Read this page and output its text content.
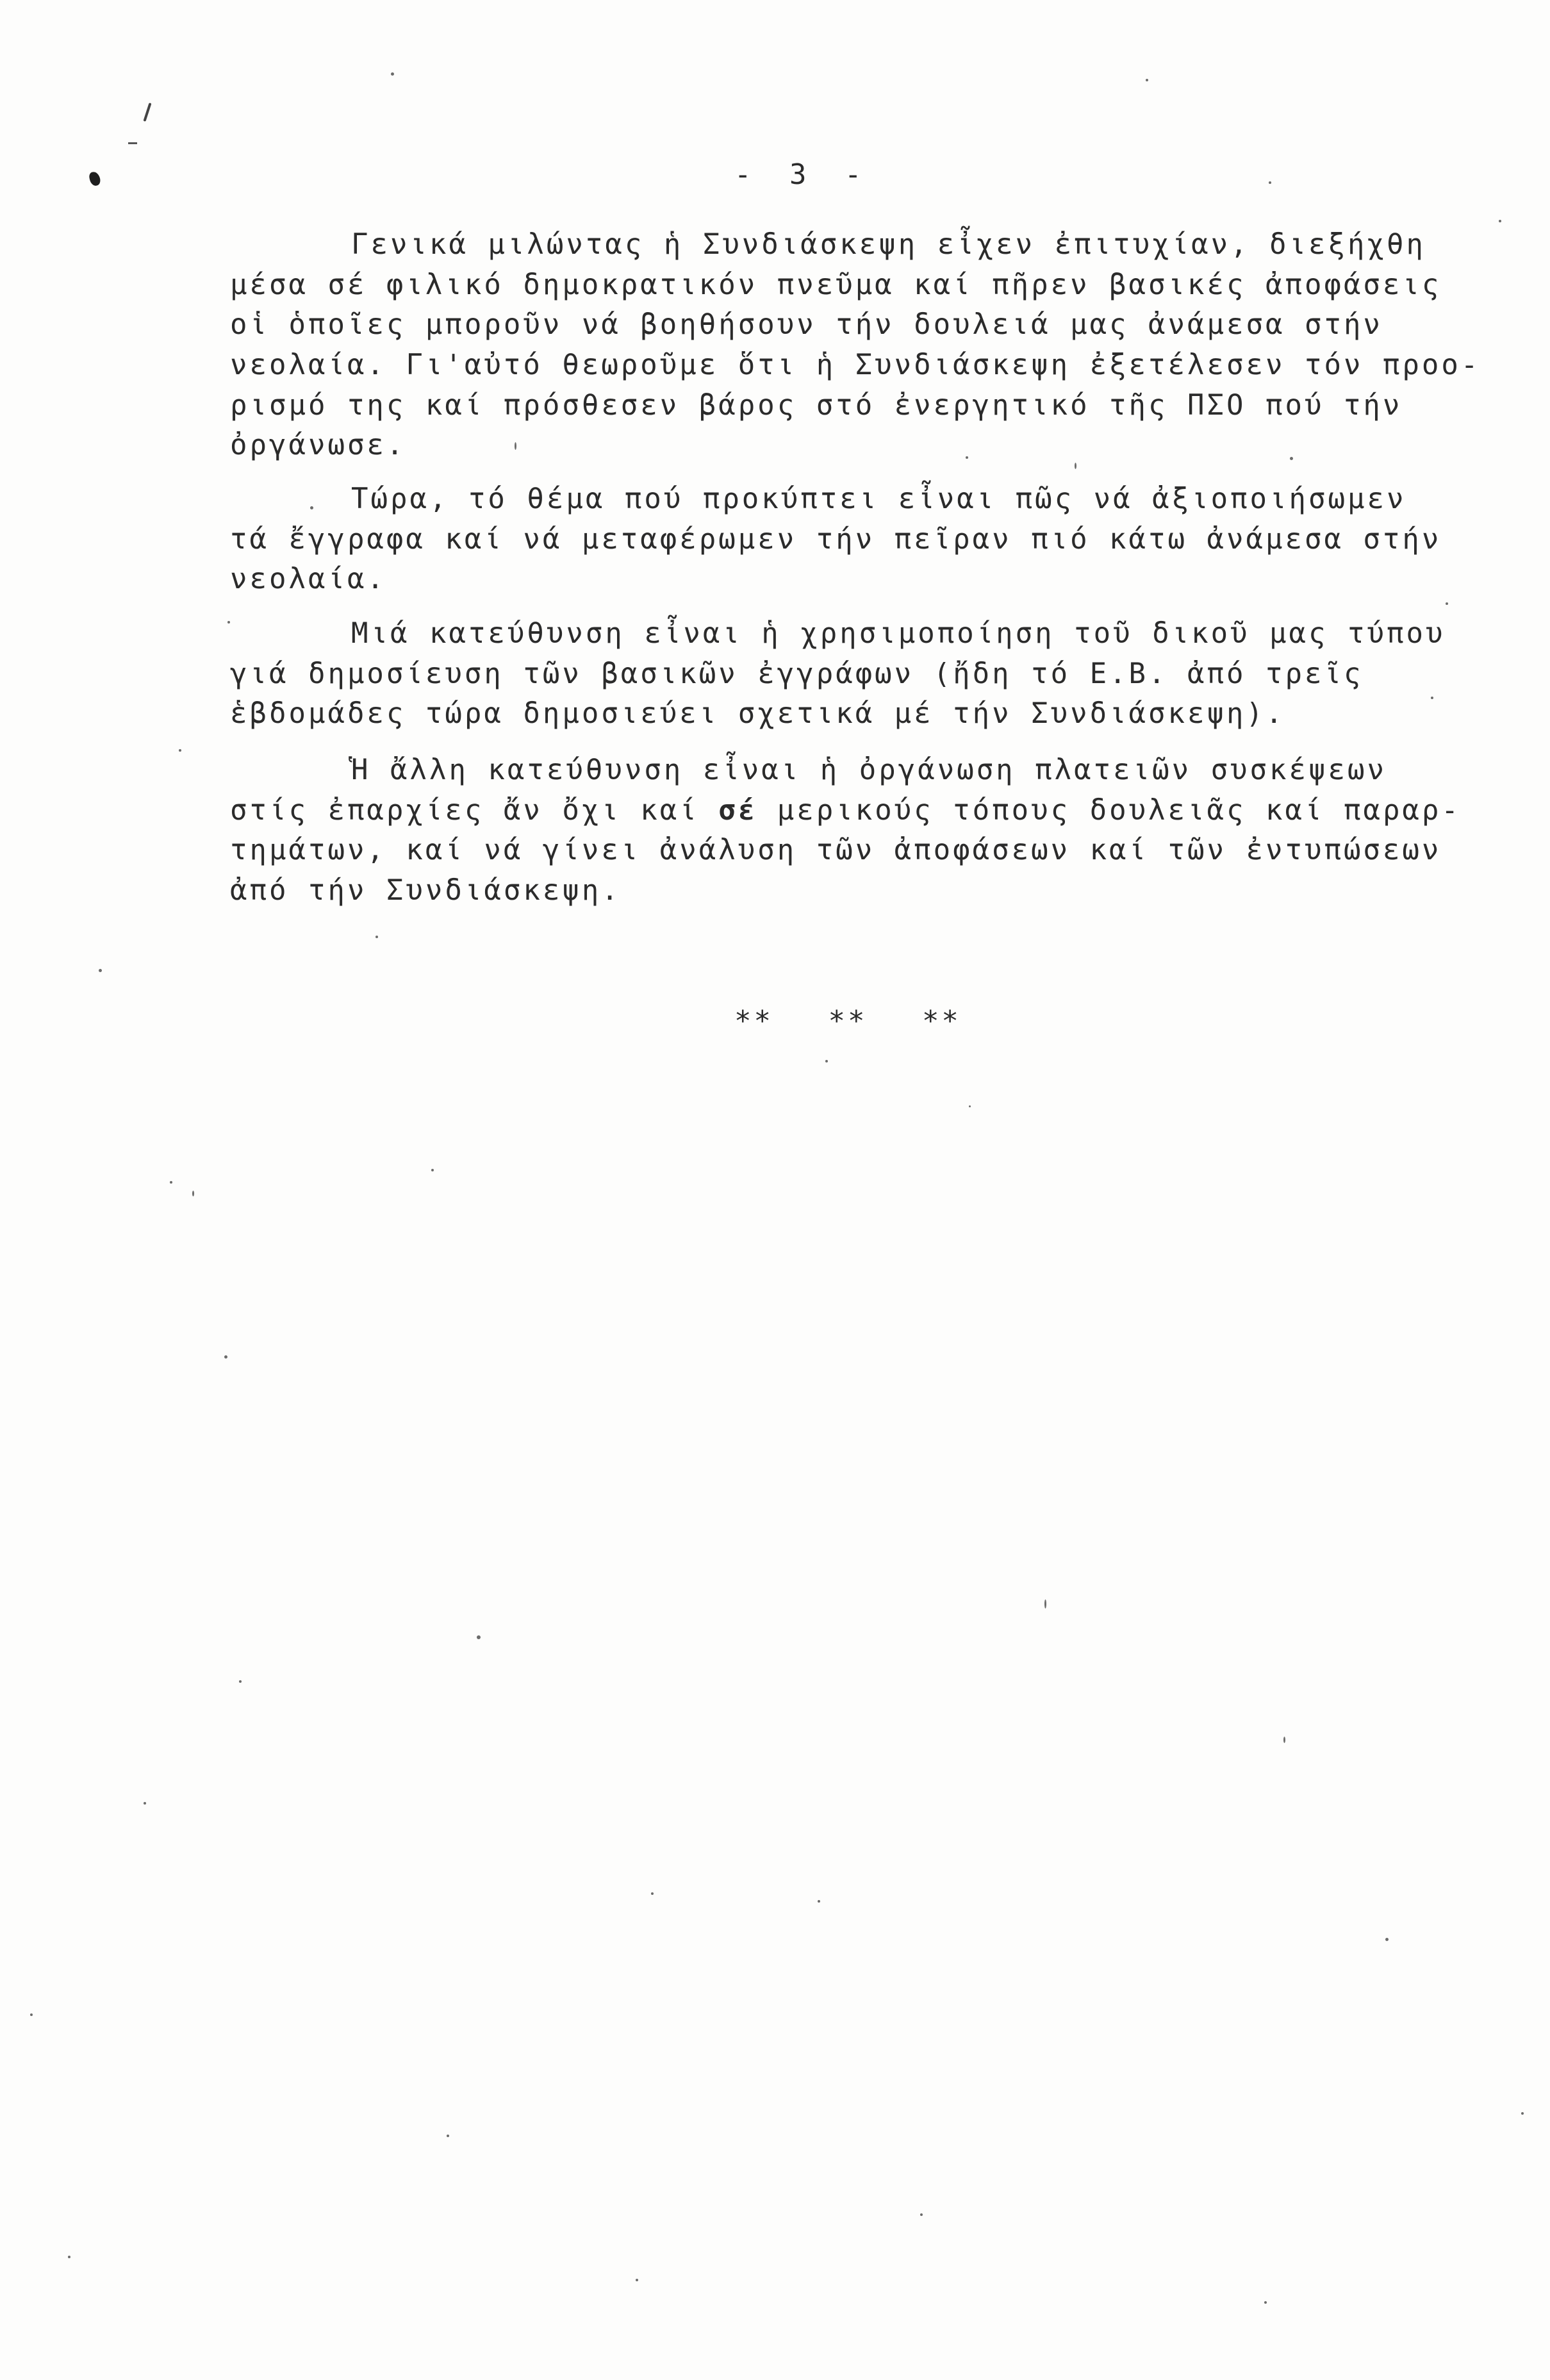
- 3 -
Γενικά μιλώντας ἡ Συνδιάσκεψη εἶχεν ἐπιτυχίαν, διεξήχθη
μέσα σέ φιλικό δημοκρατικόν πνεῦμα καί πῆρεν βασικές ἀποφάσεις
οἱ ὁποῖες μποροῦν νά βοηθήσουν τήν δουλειά μας ἀνάμεσα στήν
νεολαία. Γι'αὐτό θεωροῦμε ὅτι ἡ Συνδιάσκεψη ἐξετέλεσεν τόν προο-
ρισμό της καί πρόσθεσεν βάρος στό ἐνεργητικό τῆς ΠΣΟ πού τήν
ὀργάνωσε.
Τώρα, τό θέμα πού προκύπτει εἶναι πῶς νά ἀξιοποιήσωμεν
τά ἔγγραφα καί νά μεταφέρωμεν τήν πεῖραν πιό κάτω ἀνάμεσα στήν
νεολαία.
Μιά κατεύθυνση εἶναι ἡ χρησιμοποίηση τοῦ δικοῦ μας τύπου
γιά δημοσίευση τῶν βασικῶν ἐγγράφων (ἤδη τό Ε.Β. ἀπό τρεῖς
ἑβδομάδες τώρα δημοσιεύει σχετικά μέ τήν Συνδιάσκεψη).
Ἡ ἄλλη κατεύθυνση εἶναι ἡ ὀργάνωση πλατειῶν συσκέψεων
στίς ἐπαρχίες ἄν ὄχι καί σέ μερικούς τόπους δουλειᾶς καί παραρ-
τημάτων, καί νά γίνει ἀνάλυση τῶν ἀποφάσεων καί τῶν ἐντυπώσεων
ἀπό τήν Συνδιάσκεψη.
** ** **
